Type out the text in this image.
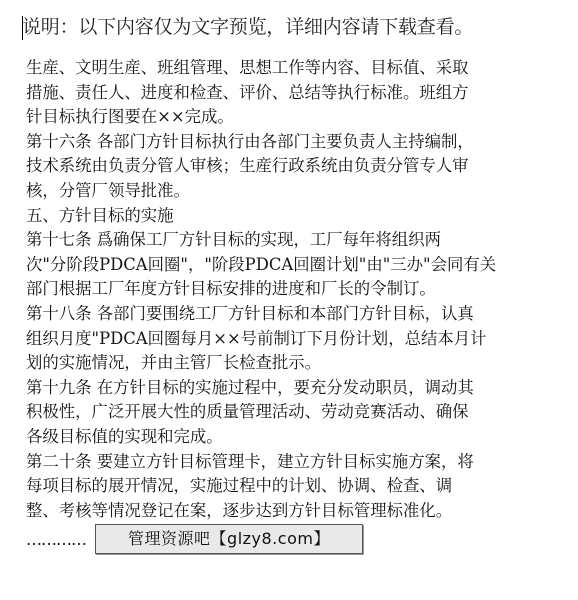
说明：以下内容仅为文字预览，详细内容请下载查看。
生産、文明生産、班组管理、思想工作等内容、目标值、采取
措施、责任人、进度和检查、评价、总结等执行标准。班组方
针目标执行图要在××完成。
第十六条 各部门方针目标执行由各部门主要负责人主持编制，
技术系统由负责分管人审核；生産行政系统由负责分管专人审
核，分管厂领导批准。
五、方针目标的实施
第十七条 爲确保工厂方针目标的实现，工厂每年将组织两
次"分阶段PDCA回圈"，"阶段PDCA回圈计划"由"三办"会同有关
部门根据工厂年度方针目标安排的进度和厂长的令制订。
第十八条 各部门要围绕工厂方针目标和本部门方针目标，认真
组织月度"PDCA回圈每月××号前制订下月份计划，总结本月计
划的实施情况，并由主管厂长检查批示。
第十九条 在方针目标的实施过程中，要充分发动职员，调动其
积极性，广泛开展大性的质量管理活动、劳动竞赛活动、确保
各级目标值的实现和完成。
第二十条 要建立方针目标管理卡，建立方针目标实施方案，将
每项目标的展开情况，实施过程中的计划、协调、检查、调
整、考核等情况登记在案，逐步达到方针目标管理标准化。
…………	管理资源吧【glzy8.com】
